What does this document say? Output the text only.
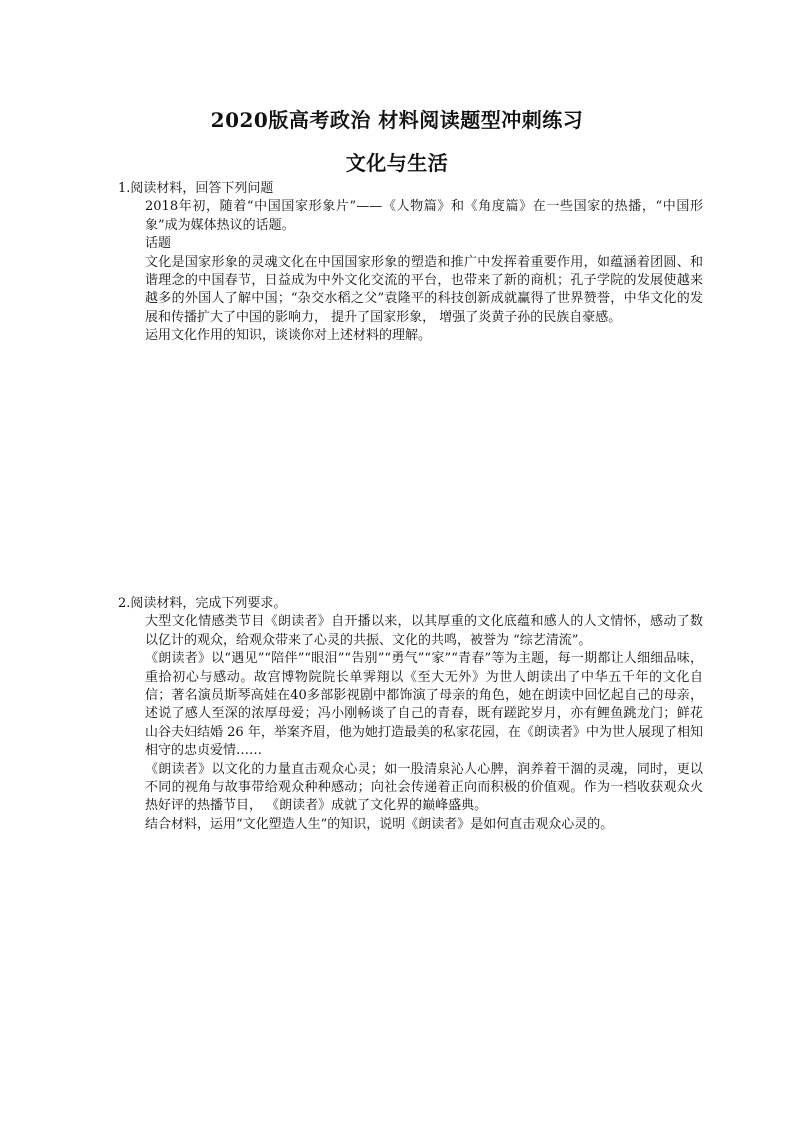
2020版高考政治 材料阅读题型冲刺练习
文化与生活
1.阅读材料，回答下列问题
2018年初，随着“中国国家形象片”——《人物篇》和《角度篇》在一些国家的热播，“中国形象”成为媒体热议的话题。
话题
文化是国家形象的灵魂文化在中国国家形象的塑造和推广中发挥着重要作用，如蕴涵着团圆、和谐理念的中国春节，日益成为中外文化交流的平台，也带来了新的商机；孔子学院的发展使越来越多的外国人了解中国；“杂交水稻之父”袁隆平的科技创新成就赢得了世界赞誉，中华文化的发展和传播扩大了中国的影响力， 提升了国家形象， 增强了炎黄子孙的民族自豪感。
运用文化作用的知识，谈谈你对上述材料的理解。
2.阅读材料，完成下列要求。
大型文化情感类节目《朗读者》自开播以来，以其厚重的文化底蕴和感人的人文情怀，感动了数以亿计的观众，给观众带来了心灵的共振、文化的共鸣，被誉为 “综艺清流”。
《朗读者》以“遇见”“陪伴”“眼泪”“告别”“勇气”“家”“青春”等为主题，每一期都让人细细品味，重拾初心与感动。故宫博物院院长单霁翔以《至大无外》为世人朗读出了中华五千年的文化自信；著名演员斯琴高娃在40多部影视剧中都饰演了母亲的角色，她在朗读中回忆起自己的母亲，述说了感人至深的浓厚母爱；冯小刚畅谈了自己的青春，既有蹉跎岁月，亦有鲤鱼跳龙门；鲜花山谷夫妇结婚 26 年，举案齐眉，他为她打造最美的私家花园，在《朗读者》中为世人展现了相知相守的忠贞爱情……
《朗读者》以文化的力量直击观众心灵；如一股清泉沁人心脾，润养着干涸的灵魂，同时，更以不同的视角与故事带给观众种种感动；向社会传递着正向而积极的价值观。作为一档收获观众火热好评的热播节目， 《朗读者》成就了文化界的巅峰盛典。
结合材料，运用“文化塑造人生”的知识，说明《朗读者》是如何直击观众心灵的。
